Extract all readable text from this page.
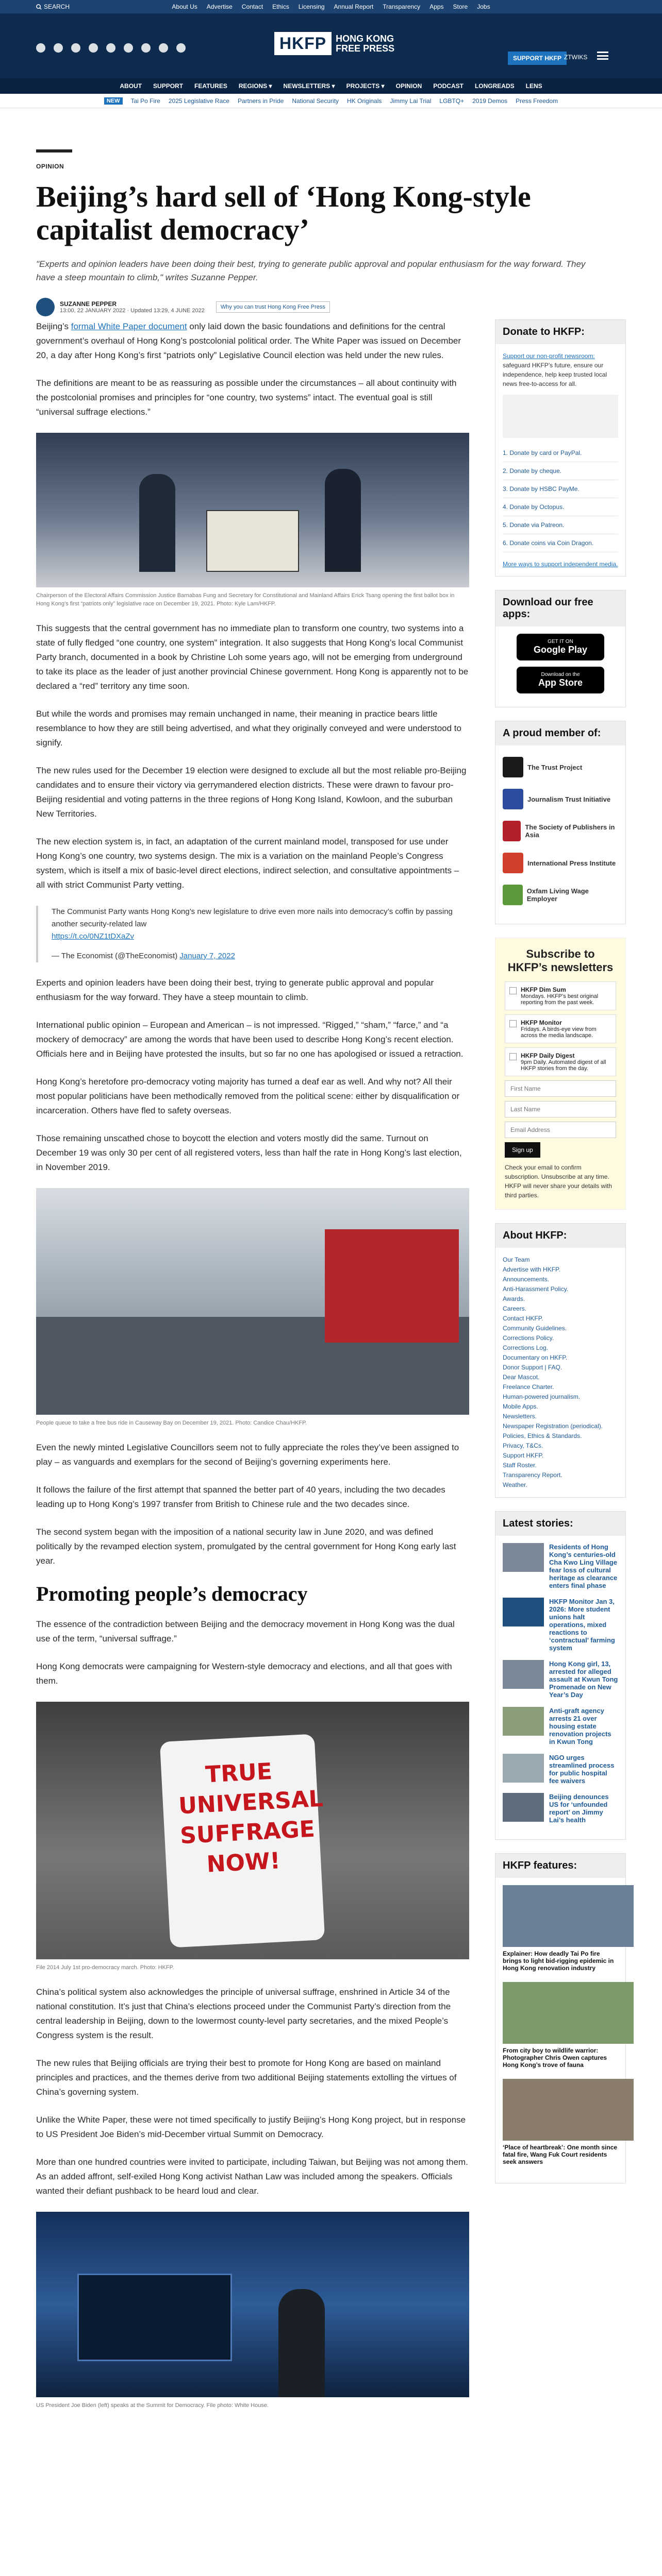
SEARCH	About Us Advertise Contact Ethics Licensing Annual Report Transparency Apps Store Jobs
HKFP	HONG KONG
FREE PRESS
SUPPORT HKFP ZTWIKS
ABOUT SUPPORT FEATURES REGIONS ▾ NEWSLETTERS ▾ PROJECTS ▾ OPINION PODCAST LONGREADS LENS
NEW	Tai Po Fire 2025 Legislative Race Partners in Pride National Security HK Originals Jimmy Lai Trial LGBTQ+ 2019 Demos Press Freedom
OPINION
Beijing’s hard sell of ‘Hong Kong-style capitalist democracy’
"Experts and opinion leaders have been doing their best, trying to generate public approval and popular enthusiasm for the way forward. They have a steep mountain to climb," writes Suzanne Pepper.
SUZANNE PEPPER
13:00, 22 JANUARY 2022 · Updated 13:29, 4 JUNE 2022
Why you can trust Hong Kong Free Press

Beijing’s formal White Paper document only laid down the basic foundations and definitions for the central government’s overhaul of Hong Kong’s postcolonial political order. The White Paper was issued on December 20, a day after Hong Kong’s first “patriots only” Legislative Council election was held under the new rules.

The definitions are meant to be as reassuring as possible under the circumstances – all about continuity with the postcolonial promises and principles for “one country, two systems” intact. The eventual goal is still “universal suffrage elections.”

Chairperson of the Electoral Affairs Commission Justice Barnabas Fung and Secretary for Constitutional and Mainland Affairs Erick Tsang opening the first ballot box in Hong Kong’s first “patriots only” legislative race on December 19, 2021. Photo: Kyle Lam/HKFP.

This suggests that the central government has no immediate plan to transform one country, two systems into a state of fully fledged “one country, one system” integration. It also suggests that Hong Kong’s local Communist Party branch, documented in a book by Christine Loh some years ago, will not be emerging from underground to take its place as the leader of just another provincial Chinese government. Hong Kong is apparently not to be declared a “red” territory any time soon.

But while the words and promises may remain unchanged in name, their meaning in practice bears little resemblance to how they are still being advertised, and what they originally conveyed and were understood to signify.

The new rules used for the December 19 election were designed to exclude all but the most reliable pro-Beijing candidates and to ensure their victory via gerrymandered election districts. These were drawn to favour pro-Beijing residential and voting patterns in the three regions of Hong Kong Island, Kowloon, and the suburban New Territories.

The new election system is, in fact, an adaptation of the current mainland model, transposed for use under Hong Kong’s one country, two systems design. The mix is a variation on the mainland People’s Congress system, which is itself a mix of basic-level direct elections, indirect selection, and consultative appointments – all with strict Communist Party vetting.

The Communist Party wants Hong Kong’s new legislature to drive even more nails into democracy’s coffin by passing another security-related law
https://t.co/0NZ1tDXaZv
— The Economist (@TheEconomist) January 7, 2022

Experts and opinion leaders have been doing their best, trying to generate public approval and popular enthusiasm for the way forward. They have a steep mountain to climb.

International public opinion – European and American – is not impressed. “Rigged,” “sham,” “farce,” and “a mockery of democracy” are among the words that have been used to describe Hong Kong’s recent election. Officials here and in Beijing have protested the insults, but so far no one has apologised or issued a retraction.

Hong Kong’s heretofore pro-democracy voting majority has turned a deaf ear as well. And why not? All their most popular politicians have been methodically removed from the political scene: either by disqualification or incarceration. Others have fled to safety overseas.

Those remaining unscathed chose to boycott the election and voters mostly did the same. Turnout on December 19 was only 30 per cent of all registered voters, less than half the rate in Hong Kong’s last election, in November 2019.

People queue to take a free bus ride in Causeway Bay on December 19, 2021. Photo: Candice Chau/HKFP.

Even the newly minted Legislative Councillors seem not to fully appreciate the roles they’ve been assigned to play – as vanguards and exemplars for the second of Beijing’s governing experiments here.

It follows the failure of the first attempt that spanned the better part of 40 years, including the two decades leading up to Hong Kong’s 1997 transfer from British to Chinese rule and the two decades since.

The second system began with the imposition of a national security law in June 2020, and was defined politically by the revamped election system, promulgated by the central government for Hong Kong early last year.

Promoting people’s democracy

The essence of the contradiction between Beijing and the democracy movement in Hong Kong was the dual use of the term, “universal suffrage.”

Hong Kong democrats were campaigning for Western-style democracy and elections, and all that goes with them.

TRUE UNIVERSAL SUFFRAGE NOW!
File 2014 July 1st pro-democracy march. Photo: HKFP.

China’s political system also acknowledges the principle of universal suffrage, enshrined in Article 34 of the national constitution. It’s just that China’s elections proceed under the Communist Party’s direction from the central leadership in Beijing, down to the lowermost county-level party secretaries, and the mixed People’s Congress system is the result.

The new rules that Beijing officials are trying their best to promote for Hong Kong are based on mainland principles and practices, and the themes derive from two additional Beijing statements extolling the virtues of China’s governing system.

Unlike the White Paper, these were not timed specifically to justify Beijing’s Hong Kong project, but in response to US President Joe Biden’s mid-December virtual Summit on Democracy.

More than one hundred countries were invited to participate, including Taiwan, but Beijing was not among them. As an added affront, self-exiled Hong Kong activist Nathan Law was included among the speakers. Officials wanted their defiant pushback to be heard loud and clear.

US President Joe Biden (left) speaks at the Summit for Democracy. File photo: White House.
Donate to HKFP:
Support our non-profit newsroom:
safeguard HKFP’s future, ensure our independence, help keep trusted local news free-to-access for all.
1. Donate by card or PayPal.
2. Donate by cheque.
3. Donate by HSBC PayMe.
4. Donate by Octopus.
5. Donate via Patreon.
6. Donate coins via Coin Dragon.
More ways to support independent media.
Download our free apps:
GET IT ON
Google Play
Download on the
App Store
A proud member of:
The Trust Project
Journalism Trust Initiative
The Society of Publishers in Asia
International Press Institute
Oxfam Living Wage Employer
Subscribe to HKFP’s newsletters
HKFP Dim Sum
Mondays. HKFP’s best original reporting from the past week.
HKFP Monitor
Fridays. A birds-eye view from across the media landscape.
HKFP Daily Digest
9pm Daily. Automated digest of all HKFP stories from the day.
First Name Last Name Email Address Sign up
Check your email to confirm subscription. Unsubscribe at any time. HKFP will never share your details with third parties.
About HKFP:
Our Team
Advertise with HKFP.
Announcements.
Anti-Harassment Policy.
Awards.
Careers.
Contact HKFP.
Community Guidelines.
Corrections Policy.
Corrections Log.
Documentary on HKFP.
Donor Support | FAQ.
Dear Mascot.
Freelance Charter.
Human-powered journalism.
Mobile Apps.
Newsletters.
Newspaper Registration (periodical).
Policies, Ethics & Standards.
Privacy, T&Cs.
Support HKFP.
Staff Roster.
Transparency Report.
Weather.
Latest stories:
Residents of Hong Kong’s centuries-old Cha Kwo Ling Village fear loss of cultural heritage as clearance enters final phase
HKFP Monitor Jan 3, 2026: More student unions halt operations, mixed reactions to ‘contractual’ farming system
Hong Kong girl, 13, arrested for alleged assault at Kwun Tong Promenade on New Year’s Day
Anti-graft agency arrests 21 over housing estate renovation projects in Kwun Tong
NGO urges streamlined process for public hospital fee waivers
Beijing denounces US for ‘unfounded report’ on Jimmy Lai’s health
HKFP features:
Explainer: How deadly Tai Po fire brings to light bid-rigging epidemic in Hong Kong renovation industry
From city boy to wildlife warrior: Photographer Chris Owen captures Hong Kong’s trove of fauna
‘Place of heartbreak’: One month since fatal fire, Wang Fuk Court residents seek answers
